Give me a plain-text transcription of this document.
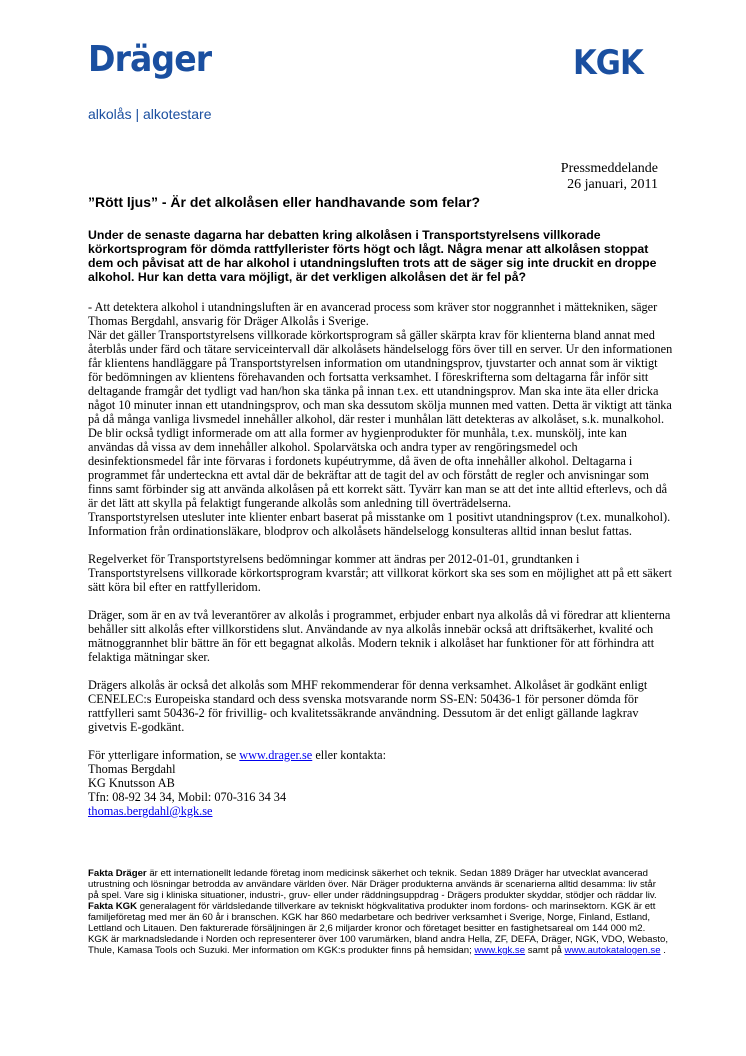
Dräger
alkolås | alkotestare
KGK
Pressmeddelande
26 januari, 2011
”Rött ljus” - Är det alkolåsen eller handhavande som felar?
Under de senaste dagarna har debatten kring alkolåsen i Transportstyrelsens villkorade körkortsprogram för dömda rattfyllerister förts högt och lågt. Några menar att alkolåsen stoppat dem och påvisat att de har alkohol i utandningsluften trots att de säger sig inte druckit en droppe alkohol. Hur kan detta vara möjligt, är det verkligen alkolåsen det är fel på?

- Att detektera alkohol i utandningsluften är en avancerad process som kräver stor noggrannhet i mättekniken, säger Thomas Bergdahl, ansvarig för Dräger Alkolås i Sverige.
När det gäller Transportstyrelsens villkorade körkortsprogram så gäller skärpta krav för klienterna bland annat med återblås under färd och tätare serviceintervall där alkolåsets händelselogg förs över till en server. Ur den informationen får klientens handläggare på Transportstyrelsen information om utandningsprov, tjuvstarter och annat som är viktigt för bedömningen av klientens förehavanden och fortsatta verksamhet. I föreskrifterna som deltagarna får inför sitt deltagande framgår det tydligt vad han/hon ska tänka på innan t.ex. ett utandningsprov. Man ska inte äta eller dricka något 10 minuter innan ett utandningsprov, och man ska dessutom skölja munnen med vatten. Detta är viktigt att tänka på då många vanliga livsmedel innehåller alkohol, där rester i munhålan lätt detekteras av alkolåset, s.k. munalkohol. De blir också tydligt informerade om att alla former av hygienprodukter för munhåla, t.ex. munskölj, inte kan användas då vissa av dem innehåller alkohol. Spolarvätska och andra typer av rengöringsmedel och desinfektionsmedel får inte förvaras i fordonets kupéutrymme, då även de ofta innehåller alkohol. Deltagarna i programmet får underteckna ett avtal där de bekräftar att de tagit del av och förstått de regler och anvisningar som finns samt förbinder sig att använda alkolåsen på ett korrekt sätt. Tyvärr kan man se att det inte alltid efterlevs, och då är det lätt att skylla på felaktigt fungerande alkolås som anledning till överträdelserna.
Transportstyrelsen utesluter inte klienter enbart baserat på misstanke om 1 positivt utandningsprov (t.ex. munalkohol). Information från ordinationsläkare, blodprov och alkolåsets händelselogg konsulteras alltid innan beslut fattas.

Regelverket för Transportstyrelsens bedömningar kommer att ändras per 2012-01-01, grundtanken i Transportstyrelsens villkorade körkortsprogram kvarstår; att villkorat körkort ska ses som en möjlighet att på ett säkert sätt köra bil efter en rattfylleridom.

Dräger, som är en av två leverantörer av alkolås i programmet, erbjuder enbart nya alkolås då vi föredrar att klienterna behåller sitt alkolås efter villkorstidens slut. Användande av nya alkolås innebär också att driftsäkerhet, kvalité och mätnoggrannhet blir bättre än för ett begagnat alkolås. Modern teknik i alkolåset har funktioner för att förhindra att felaktiga mätningar sker.

Drägers alkolås är också det alkolås som MHF rekommenderar för denna verksamhet. Alkolåset är godkänt enligt CENELEC:s Europeiska standard och dess svenska motsvarande norm SS-EN: 50436-1 för personer dömda för rattfylleri samt 50436-2 för frivillig- och kvalitetssäkrande användning. Dessutom är det enligt gällande lagkrav givetvis E-godkänt.

För ytterligare information, se www.drager.se eller kontakta:
Thomas Bergdahl
KG Knutsson AB
Tfn: 08-92 34 34, Mobil: 070-316 34 34
thomas.bergdahl@kgk.se

Fakta Dräger är ett internationellt ledande företag inom medicinsk säkerhet och teknik. Sedan 1889 Dräger har utvecklat avancerad utrustning och lösningar betrodda av användare världen över. När Dräger produkterna används är scenarierna alltid desamma: liv står på spel. Vare sig i kliniska situationer, industri-, gruv- eller under räddningsuppdrag - Drägers produkter skyddar, stödjer och räddar liv.
Fakta KGK generalagent för världsledande tillverkare av tekniskt högkvalitativa produkter inom fordons- och marinsektorn. KGK är ett familjeföretag med mer än 60 år i branschen. KGK har 860 medarbetare och bedriver verksamhet i Sverige, Norge, Finland, Estland, Lettland och Litauen. Den fakturerade försäljningen är 2,6 miljarder kronor och företaget besitter en fastighetsareal om 144 000 m2. KGK är marknadsledande i Norden och representerer över 100 varumärken, bland andra Hella, ZF, DEFA, Dräger, NGK, VDO, Webasto, Thule, Kamasa Tools och Suzuki. Mer information om KGK:s produkter finns på hemsidan; www.kgk.se samt på www.autokatalogen.se .
